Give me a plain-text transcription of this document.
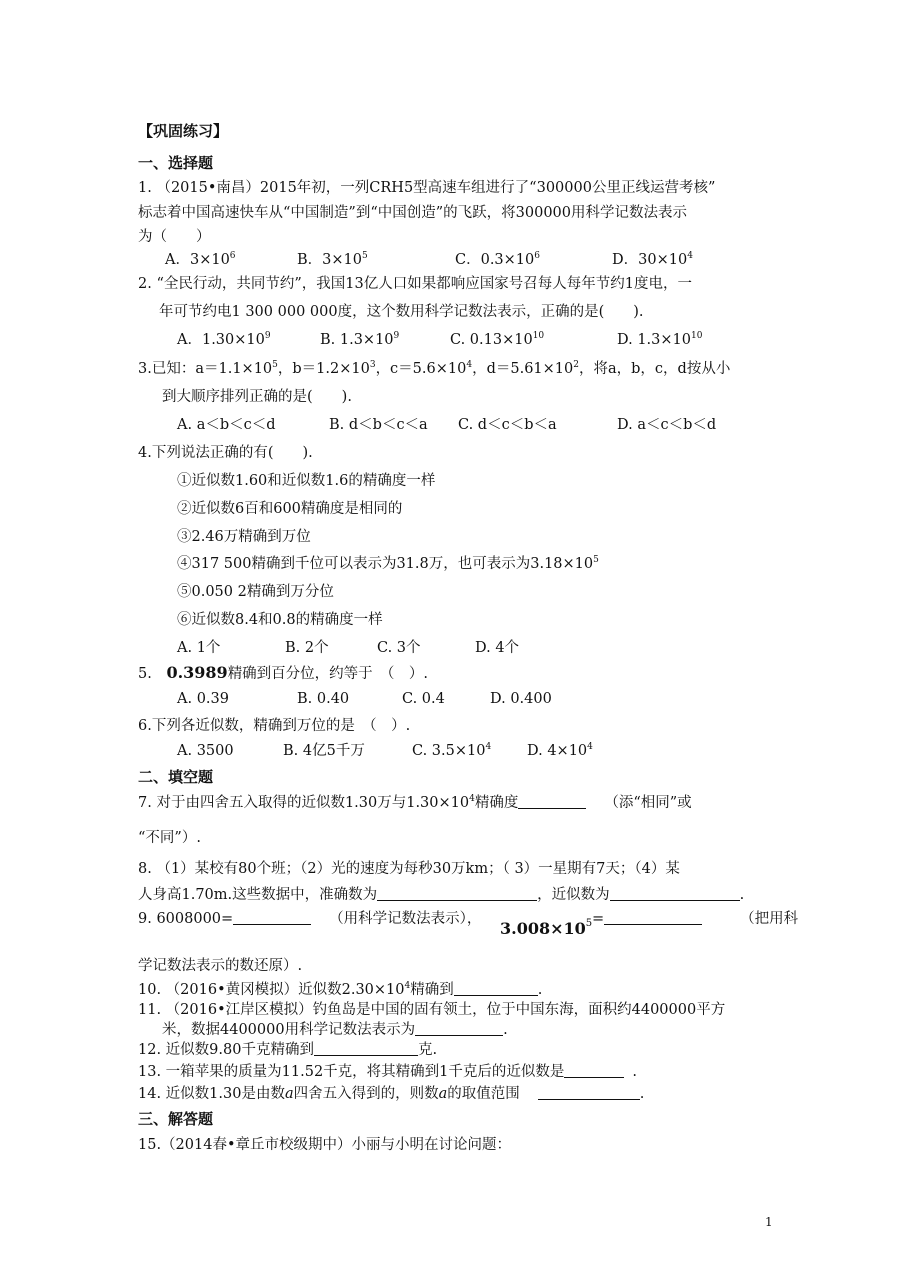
【巩固练习】
一、选择题
1. （2015•南昌）2015年初，一列CRH5型高速车组进行了“300000公里正线运营考核”
标志着中国高速快车从“中国制造”到“中国创造”的飞跃，将300000用科学记数法表示
为（　　）
A．$3\times 10^6$	B．$3\times 10^5$	C．$0.3\times 10^6$	D．$30\times 10^4$
2. “全民行动，共同节约”，我国13亿人口如果都响应国家号召每人每年节约1度电，一
年可节约电1 300 000 000度，这个数用科学记数法表示，正确的是(　　).
A．$1.30\times 10^9$	B. $1.3\times 10^9$	C. $0.13\times 10^{10}$	D. $1.3\times 10^{10}$
3.已知：$a=1.1\times 10^5$，$b=1.2\times 10^3$，$c=5.6\times 10^4$，$d=5.61\times 10^2$，将a，b，c，d按从小
到大顺序排列正确的是(　　).
A. a＜b＜c＜d	B. d＜b＜c＜a C. d＜c＜b＜a	D. a＜c＜b＜d
4.下列说法正确的有(　　).
①近似数1.60和近似数1.6的精确度一样
②近似数6百和600精确度是相同的
③2.46万精确到万位
④317 500精确到千位可以表示为31.8万，也可表示为$3.18\times 10^5$
⑤0.050 2精确到万分位
⑥近似数8.4和0.8的精确度一样
A. 1个	B. 2个	C. 3个	D. 4个
5. 0.3989精确到百分位，约等于　（　）.
A. 0.39	B. 0.40	C. 0.4	D. 0.400
6.下列各近似数，精确到万位的是　（　）.
A. 3500	B. 4亿5千万	C. $3.5\times 10^4$ D. $4\times 10^4$
二、填空题
7. 对于由四舍五入取得的近似数1.30万与$1.30\times 10^4$精确度	（添“相同”或
“不同”）.
8. （1）某校有80个班；（2）光的速度为每秒30万km；（ 3）一星期有7天；（4）某
人身高1.70m.这些数据中，准确数为	，近似数为	.
9. 6008000=	（用科学记数法表示）， $3.008\times 10^5$ =	（把用科
学记数法表示的数还原）.
10. （2016•黄冈模拟）近似数$2.30\times 10^4$精确到	.
11. （2016•江岸区模拟）钓鱼岛是中国的固有领土，位于中国东海，面积约4400000平方
米，数据4400000用科学记数法表示为	.
12. 近似数9.80千克精确到	克.
13. 一箱苹果的质量为11.52千克，将其精确到1千克后的近似数是	.
14. 近似数1.30是由数a四舍五入得到的，则数a的取值范围	.
三、解答题
15.（2014春•章丘市校级期中）小丽与小明在讨论问题：
1
